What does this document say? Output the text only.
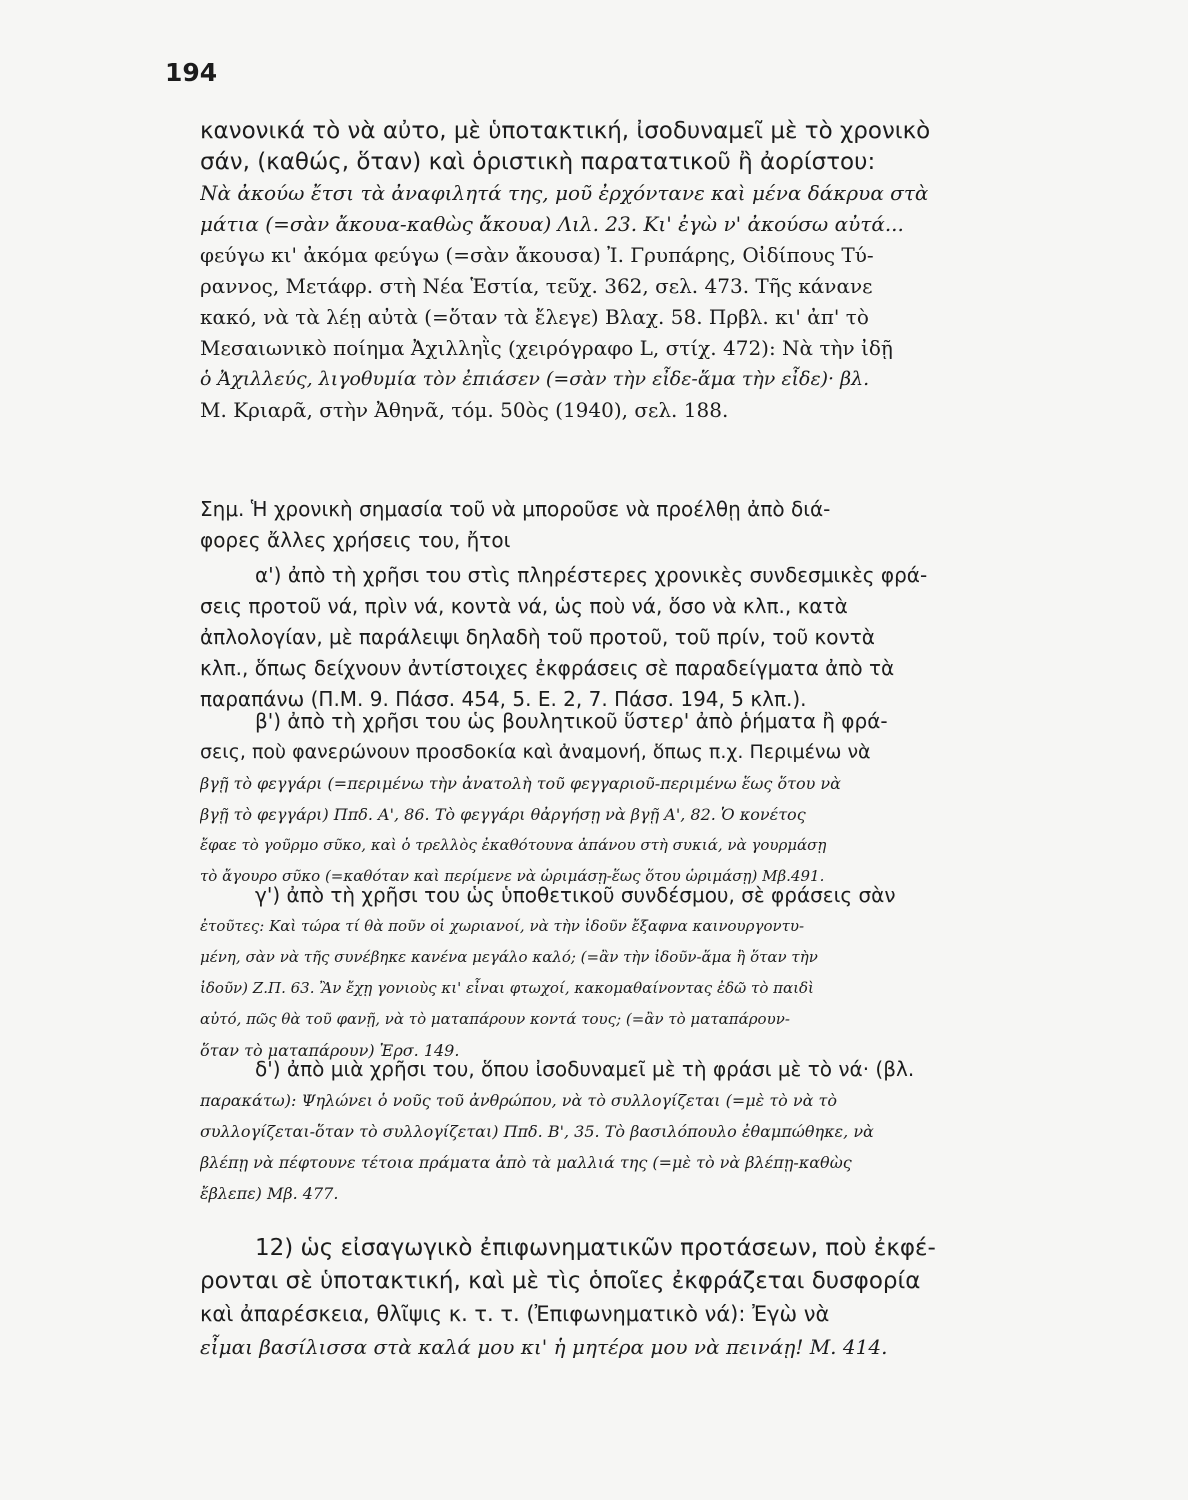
194
κανονικά τὸ νὰ αὐτο, μὲ ὑποτακτική, ἰσοδυναμεῖ μὲ τὸ χρονικὸ
σάν, (καθώς, ὅταν) καὶ ὁριστικὴ παρατατικοῦ ἢ ἀορίστου:
Νὰ ἀκούω ἔτσι τὰ ἀναφιλητά της, μοῦ ἐρχόντανε καὶ μένα δάκρυα στὰ
μάτια (=σὰν ἄκουα-καθὼς ἄκουα) Λιλ. 23. Κι' ἐγὼ ν' ἀκούσω αὐτά...
φεύγω κι' ἀκόμα φεύγω (=σὰν ἄκουσα) Ἰ. Γρυπάρης, Οἰδίπους Τύ-
ραννος, Μετάφρ. στὴ Νέα Ἑστία, τεῦχ. 362, σελ. 473. Τῆς κάνανε
κακό, νὰ τὰ λέῃ αὐτὰ (=ὅταν τὰ ἔλεγε) Βλαχ. 58. Πρβλ. κι' ἀπ' τὸ
Μεσαιωνικὸ ποίημα Ἀχιλληῒς (χειρόγραφο L, στίχ. 472): Νὰ τὴν ἰδῇ
ὁ Ἀχιλλεύς, λιγοθυμία τὸν ἐπιάσεν (=σὰν τὴν εἶδε-ἅμα τὴν εἶδε)· βλ.
Μ. Κριαρᾶ, στὴν Ἀθηνᾶ, τόμ. 50ὸς (1940), σελ. 188.
Σημ. Ἡ χρονικὴ σημασία τοῦ νὰ μποροῦσε νὰ προέλθῃ ἀπὸ διά-
φορες ἄλλες χρήσεις του, ἤτοι
α') ἀπὸ τὴ χρῆσι του στὶς πληρέστερες χρονικὲς συνδεσμικὲς φρά-
σεις προτοῦ νά, πρὶν νά, κοντὰ νά, ὡς ποὺ νά, ὅσο νὰ κλπ., κατὰ
ἀπλολογίαν, μὲ παράλειψι δηλαδὴ τοῦ προτοῦ, τοῦ πρίν, τοῦ κοντὰ
κλπ., ὅπως δείχνουν ἀντίστοιχες ἐκφράσεις σὲ παραδείγματα ἀπὸ τὰ
παραπάνω (Π.Μ. 9. Πάσσ. 454, 5. Ε. 2, 7. Πάσσ. 194, 5 κλπ.).
β') ἀπὸ τὴ χρῆσι του ὡς βουλητικοῦ ὕστερ' ἀπὸ ῥήματα ἢ φρά-
σεις, ποὺ φανερώνουν προσδοκία καὶ ἀναμονή, ὅπως π.χ. Περιμένω νὰ
βγῇ τὸ φεγγάρι (=περιμένω τὴν ἀνατολὴ τοῦ φεγγαριοῦ-περιμένω ἕως ὅτου νὰ
βγῇ τὸ φεγγάρι) Ππδ. Α', 86. Τὸ φεγγάρι θἀργήσῃ νὰ βγῇ Α', 82. Ὁ κονέτος
ἔφαε τὸ γοῦρμο σῦκο, καὶ ὁ τρελλὸς ἐκαθότουνα ἀπάνου στὴ συκιά, νὰ γουρμάσῃ
τὸ ἄγουρο σῦκο (=καθόταν καὶ περίμενε νὰ ὡριμάσῃ-ἕως ὅτου ὡριμάσῃ) Μβ.491.
γ') ἀπὸ τὴ χρῆσι του ὡς ὑποθετικοῦ συνδέσμου, σὲ φράσεις σὰν
ἐτοῦτες: Καὶ τώρα τί θὰ ποῦν οἱ χωριανοί, νὰ τὴν ἰδοῦν ἔξαφνα καινουργοντυ-
μένη, σὰν νὰ τῆς συνέβηκε κανένα μεγάλο καλό; (=ἂν τὴν ἰδοῦν-ἅμα ἢ ὅταν τὴν
ἰδοῦν) Ζ.Π. 63. Ἂν ἔχῃ γονιοὺς κι' εἶναι φτωχοί, κακομαθαίνοντας ἐδῶ τὸ παιδὶ
αὐτό, πῶς θὰ τοῦ φανῇ, νὰ τὸ ματαπάρουν κοντά τους; (=ἂν τὸ ματαπάρουν-
ὅταν τὸ ματαπάρουν) Ἐρσ. 149.
δ') ἀπὸ μιὰ χρῆσι του, ὅπου ἰσοδυναμεῖ μὲ τὴ φράσι μὲ τὸ νά· (βλ.
παρακάτω): Ψηλώνει ὁ νοῦς τοῦ ἀνθρώπου, νὰ τὸ συλλογίζεται (=μὲ τὸ νὰ τὸ
συλλογίζεται-ὅταν τὸ συλλογίζεται) Ππδ. Β', 35. Τὸ βασιλόπουλο ἐθαμπώθηκε, νὰ
βλέπῃ νὰ πέφτουνε τέτοια πράματα ἀπὸ τὰ μαλλιά της (=μὲ τὸ νὰ βλέπῃ-καθὼς
ἔβλεπε) Μβ. 477.
12) ὡς εἰσαγωγικὸ ἐπιφωνηματικῶν προτάσεων, ποὺ ἐκφέ-
ρονται σὲ ὑποτακτική, καὶ μὲ τὶς ὁποῖες ἐκφράζεται δυσφορία
καὶ ἀπαρέσκεια, θλῖψις κ. τ. τ. (Ἐπιφωνηματικὸ νά): Ἐγὼ νὰ
εἶμαι βασίλισσα στὰ καλά μου κι' ἡ μητέρα μου νὰ πεινάῃ! Μ. 414.
